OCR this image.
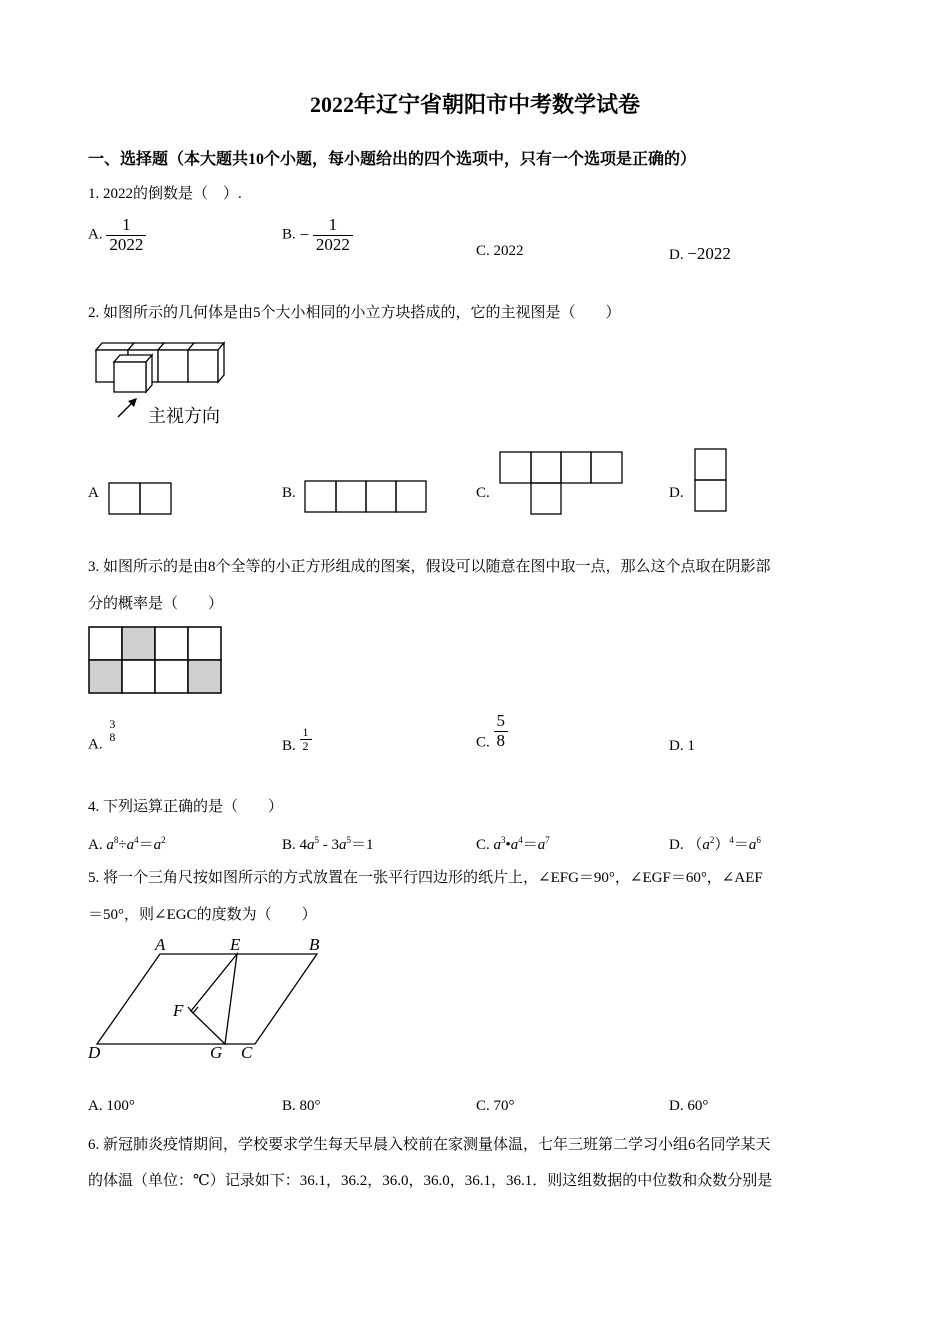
2022年辽宁省朝阳市中考数学试卷
一、选择题（本大题共10个小题，每小题给出的四个选项中，只有一个选项是正确的）
1. 2022的倒数是（　）.
A. $\frac{1}{2022}$	B. − $\frac{1}{2022}$	C. 2022	D. −2022
2. 如图所示的几何体是由5个大小相同的小立方块搭成的，它的主视图是（　　）
主视方向
A	B.	C.	D.
3. 如图所示的是由8个全等的小正方形组成的图案，假设可以随意在图中取一点，那么这个点取在阴影部
分的概率是（　　）
A.
3
8
B. $\frac{1}{2}$	C. $\frac{5}{8}$	D. 1
4. 下列运算正确的是（　　）
A. $a^8\div a^4=a^2$	B. $4a^5 - 3a^5=1$	C. $a^3•a^4=a^7$	D. $(a^2)^4=a^6$
5. 将一个三角尺按如图所示的方式放置在一张平行四边形的纸片上，∠EFG＝90°，∠EGF＝60°，∠AEF
＝50°，则∠EGC的度数为（　　）
A	E	B
F
D	G C
A. 100°	B. 80°	C. 70°	D. 60°
6. 新冠肺炎疫情期间，学校要求学生每天早晨入校前在家测量体温，七年三班第二学习小组6名同学某天
的体温（单位：℃）记录如下：36.1，36.2，36.0，36.0，36.1，36.1．则这组数据的中位数和众数分别是
